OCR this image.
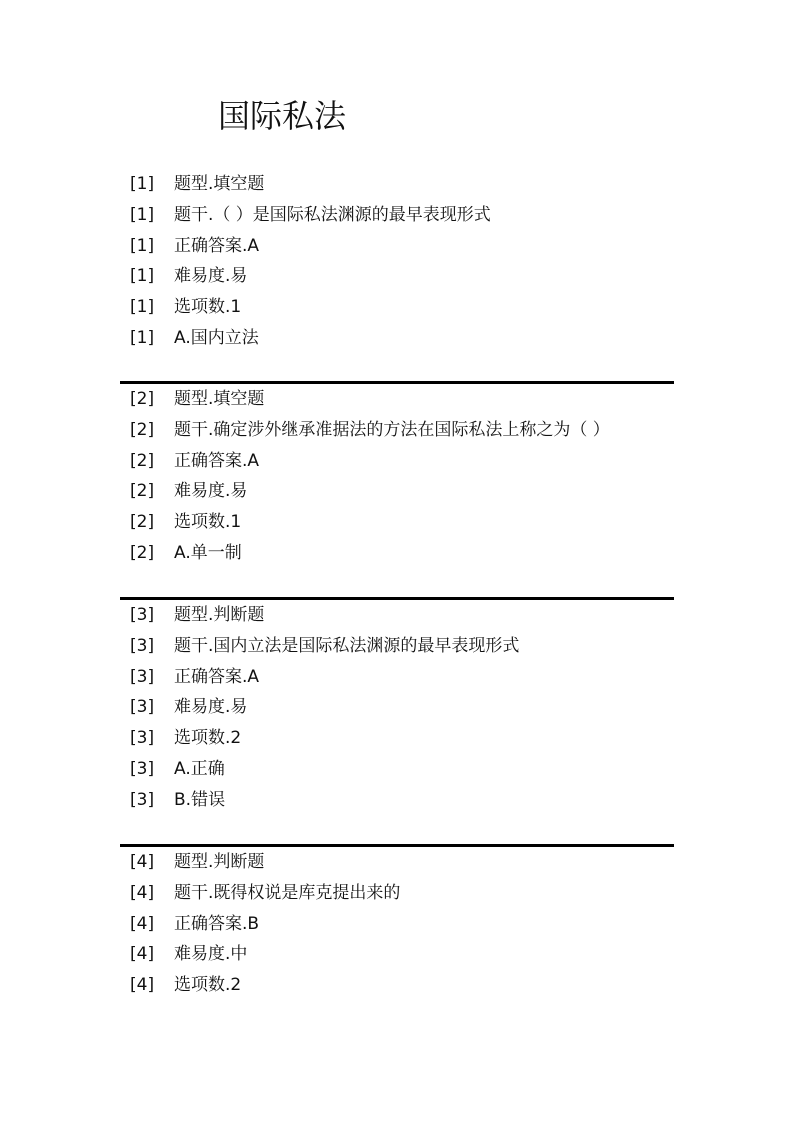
国际私法
[1] 题型.填空题
[1] 题干.（ ）是国际私法渊源的最早表现形式
[1] 正确答案.A
[1] 难易度.易
[1] 选项数.1
[1] A.国内立法
[2] 题型.填空题
[2] 题干.确定涉外继承准据法的方法在国际私法上称之为（ ）
[2] 正确答案.A
[2] 难易度.易
[2] 选项数.1
[2] A.单一制
[3] 题型.判断题
[3] 题干.国内立法是国际私法渊源的最早表现形式
[3] 正确答案.A
[3] 难易度.易
[3] 选项数.2
[3] A.正确
[3] B.错误
[4] 题型.判断题
[4] 题干.既得权说是库克提出来的
[4] 正确答案.B
[4] 难易度.中
[4] 选项数.2
